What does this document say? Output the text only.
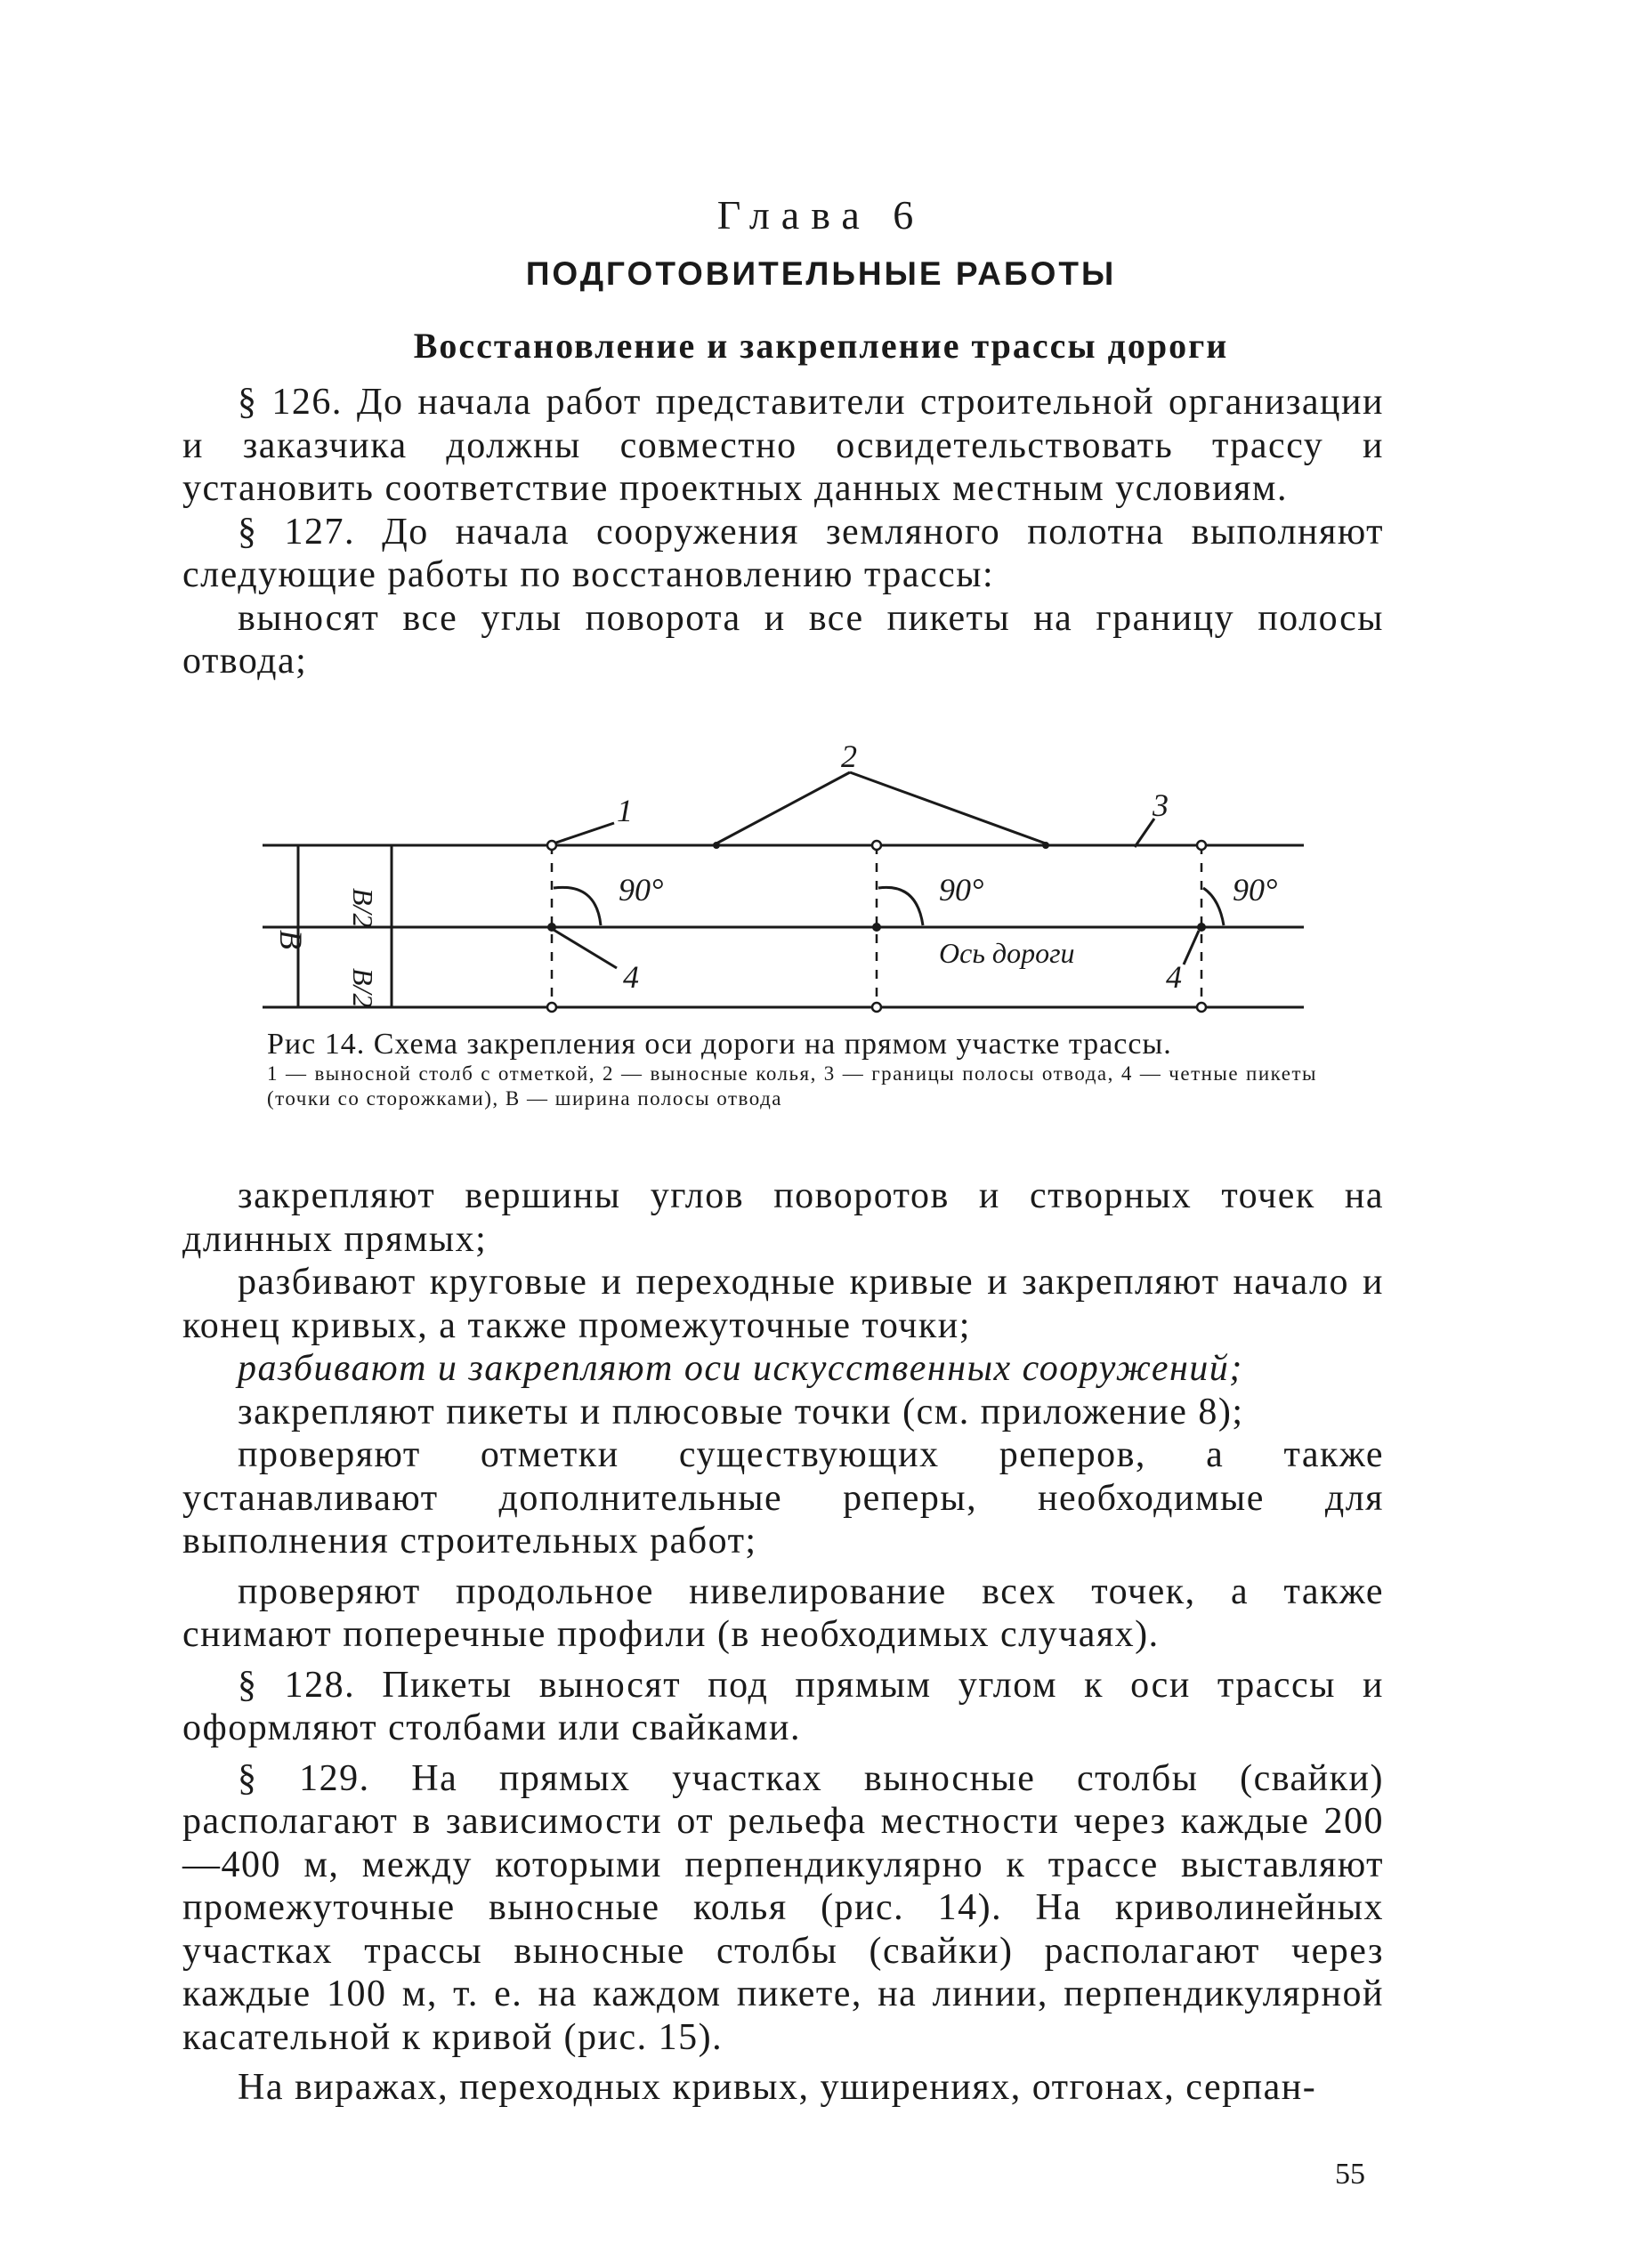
Глава 6
ПОДГОТОВИТЕЛЬНЫЕ РАБОТЫ
Восстановление и закрепление трассы дороги

§ 126. До начала работ представители строительной организации и заказчика должны совместно освидетельствовать трассу и установить соответствие проектных данных местным условиям.

§ 127. До начала сооружения земляного полотна выполняют следующие работы по восстановлению трассы:

выносят все углы поворота и все пикеты на границу полосы отвода;

1
2
3
4	4
90°	90°	90°
Ось дороги
B
B/2
B/2
Рис 14. Схема закрепления оси дороги на прямом участке трассы.
1 — выносной столб с отметкой, 2 — выносные колья, 3 — границы полосы отвода, 4 — четные пикеты (точки со сторожками), B — ширина полосы отвода

закрепляют вершины углов поворотов и створных точек на длинных прямых;

разбивают круговые и переходные кривые и закрепляют начало и конец кривых, а также промежуточные точки;

разбивают и закрепляют оси искусственных сооружений;

закрепляют пикеты и плюсовые точки (см. приложение 8);

проверяют отметки существующих реперов, а также устанавливают дополнительные реперы, необходимые для выполнения строительных работ;

проверяют продольное нивелирование всех точек, а также снимают поперечные профили (в необходимых случаях).

§ 128. Пикеты выносят под прямым углом к оси трассы и оформляют столбами или свайками.

§ 129. На прямых участках выносные столбы (свайки) располагают в зависимости от рельефа местности через каждые 200—400 м, между которыми перпендикулярно к трассе выставляют промежуточные выносные колья (рис. 14). На криволинейных участках трассы выносные столбы (свайки) располагают через каждые 100 м, т. е. на каждом пикете, на линии, перпендикулярной касательной к кривой (рис. 15).

На виражах, переходных кривых, уширениях, отгонах, серпан-

55
